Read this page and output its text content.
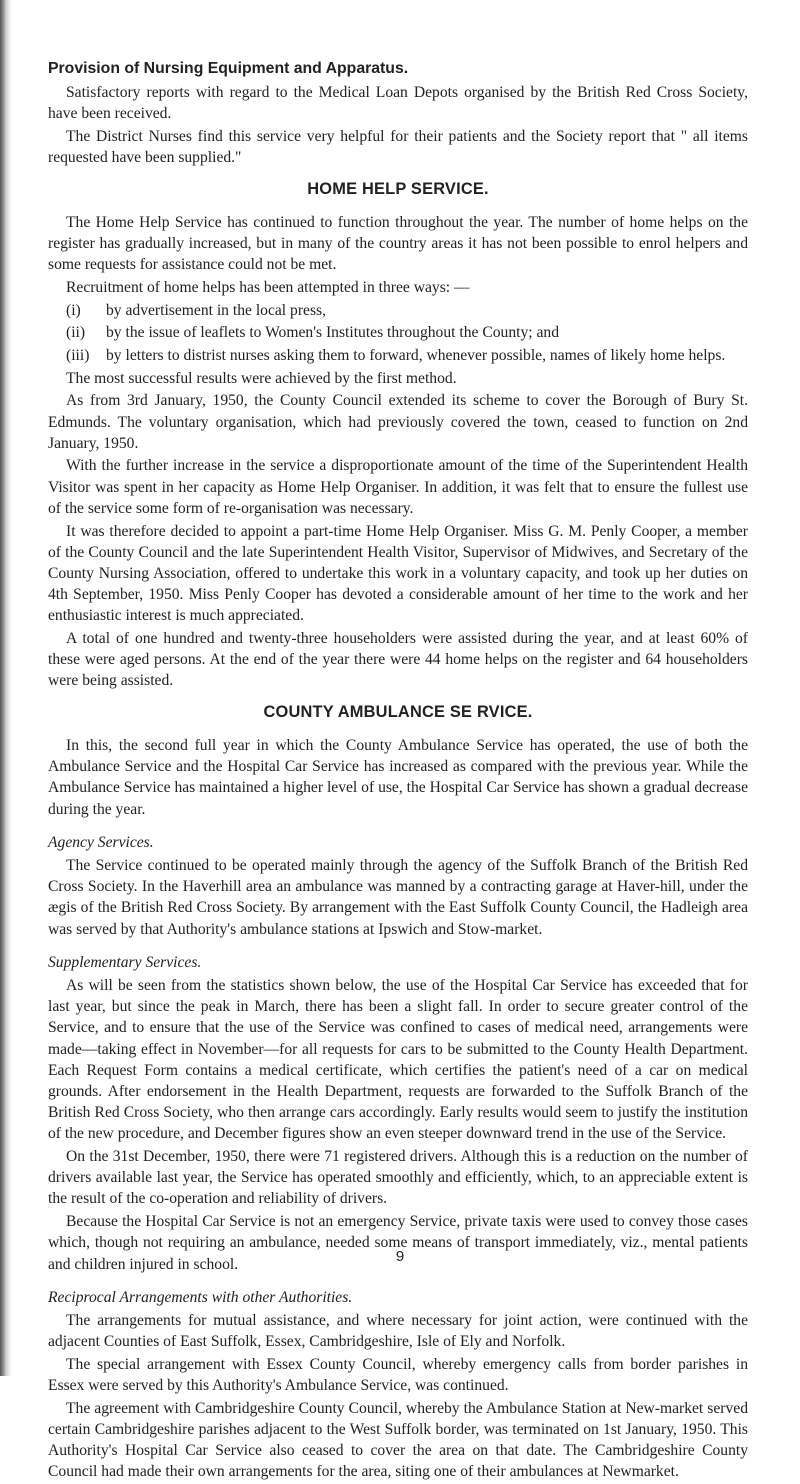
Provision of Nursing Equipment and Apparatus.

Satisfactory reports with regard to the Medical Loan Depots organised by the British Red Cross Society, have been received.

The District Nurses find this service very helpful for their patients and the Society report that " all items requested have been supplied."

HOME HELP SERVICE.

The Home Help Service has continued to function throughout the year. The number of home helps on the register has gradually increased, but in many of the country areas it has not been possible to enrol helpers and some requests for assistance could not be met.

Recruitment of home helps has been attempted in three ways: —

(i)	by advertisement in the local press,
(ii)	by the issue of leaflets to Women's Institutes throughout the County; and
(iii)	by letters to distrist nurses asking them to forward, whenever possible, names of likely home helps.

The most successful results were achieved by the first method.

As from 3rd January, 1950, the County Council extended its scheme to cover the Borough of Bury St. Edmunds. The voluntary organisation, which had previously covered the town, ceased to function on 2nd January, 1950.

With the further increase in the service a disproportionate amount of the time of the Superintendent Health Visitor was spent in her capacity as Home Help Organiser. In addition, it was felt that to ensure the fullest use of the service some form of re-organisation was necessary.

It was therefore decided to appoint a part-time Home Help Organiser. Miss G. M. Penly Cooper, a member of the County Council and the late Superintendent Health Visitor, Supervisor of Midwives, and Secretary of the County Nursing Association, offered to undertake this work in a voluntary capacity, and took up her duties on 4th September, 1950. Miss Penly Cooper has devoted a considerable amount of her time to the work and her enthusiastic interest is much appreciated.

A total of one hundred and twenty-three householders were assisted during the year, and at least 60% of these were aged persons. At the end of the year there were 44 home helps on the register and 64 householders were being assisted.

COUNTY AMBULANCE SE RVICE.

In this, the second full year in which the County Ambulance Service has operated, the use of both the Ambulance Service and the Hospital Car Service has increased as compared with the previous year. While the Ambulance Service has maintained a higher level of use, the Hospital Car Service has shown a gradual decrease during the year.

Agency Services.

The Service continued to be operated mainly through the agency of the Suffolk Branch of the British Red Cross Society. In the Haverhill area an ambulance was manned by a contracting garage at Haver-hill, under the ægis of the British Red Cross Society. By arrangement with the East Suffolk County Council, the Hadleigh area was served by that Authority's ambulance stations at Ipswich and Stow-market.

Supplementary Services.

As will be seen from the statistics shown below, the use of the Hospital Car Service has exceeded that for last year, but since the peak in March, there has been a slight fall. In order to secure greater control of the Service, and to ensure that the use of the Service was confined to cases of medical need, arrangements were made—taking effect in November—for all requests for cars to be submitted to the County Health Department. Each Request Form contains a medical certificate, which certifies the patient's need of a car on medical grounds. After endorsement in the Health Department, requests are forwarded to the Suffolk Branch of the British Red Cross Society, who then arrange cars accordingly. Early results would seem to justify the institution of the new procedure, and December figures show an even steeper downward trend in the use of the Service.

On the 31st December, 1950, there were 71 registered drivers. Although this is a reduction on the number of drivers available last year, the Service has operated smoothly and efficiently, which, to an appreciable extent is the result of the co-operation and reliability of drivers.

Because the Hospital Car Service is not an emergency Service, private taxis were used to convey those cases which, though not requiring an ambulance, needed some means of transport immediately, viz., mental patients and children injured in school.

Reciprocal Arrangements with other Authorities.

The arrangements for mutual assistance, and where necessary for joint action, were continued with the adjacent Counties of East Suffolk, Essex, Cambridgeshire, Isle of Ely and Norfolk.

The special arrangement with Essex County Council, whereby emergency calls from border parishes in Essex were served by this Authority's Ambulance Service, was continued.

The agreement with Cambridgeshire County Council, whereby the Ambulance Station at New-market served certain Cambridgeshire parishes adjacent to the West Suffolk border, was terminated on 1st January, 1950. This Authority's Hospital Car Service also ceased to cover the area on that date. The Cambridgeshire County Council had made their own arrangements for the area, siting one of their ambulances at Newmarket.

9
